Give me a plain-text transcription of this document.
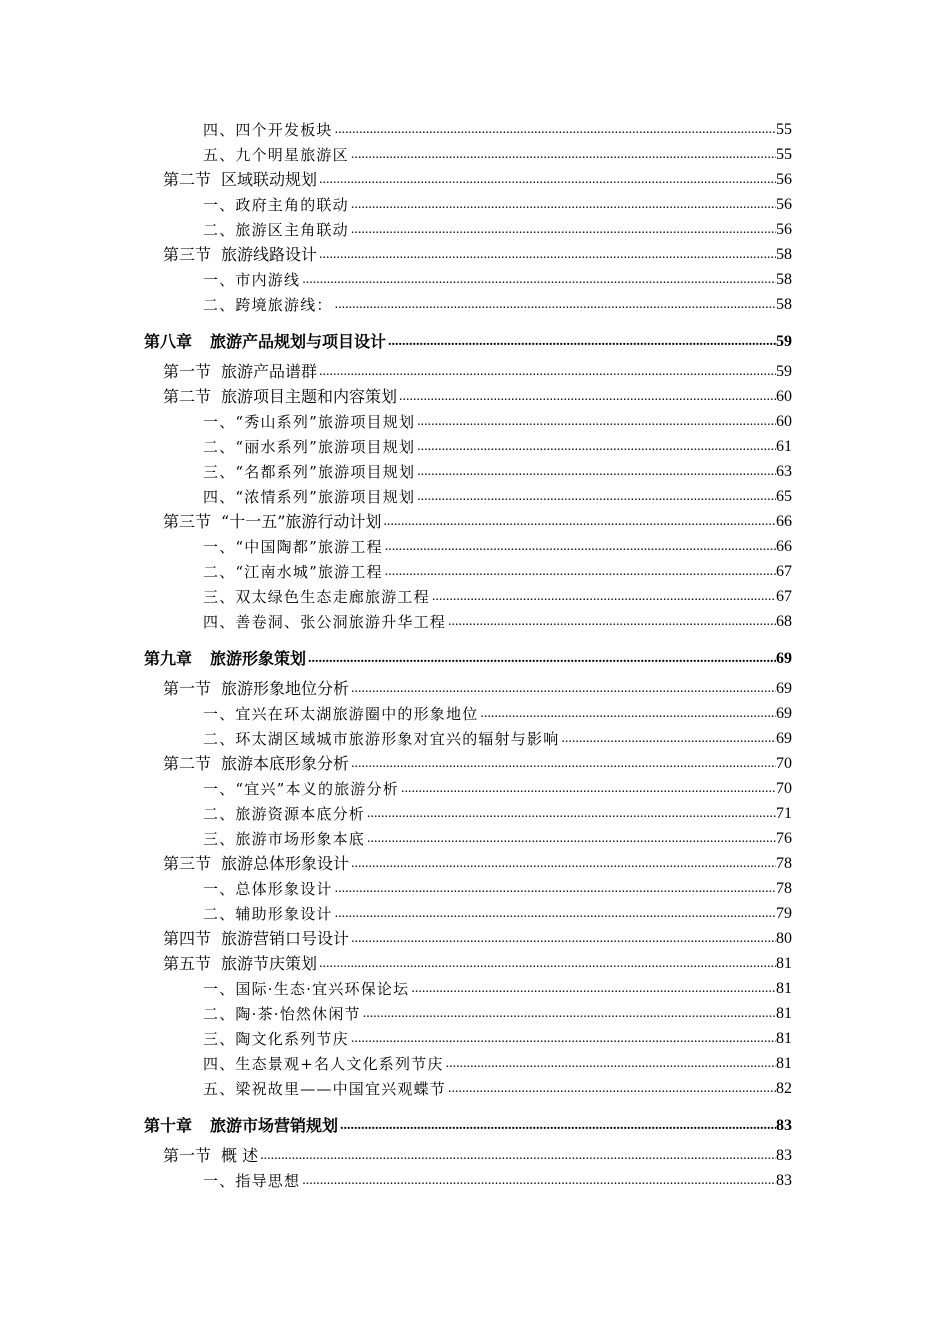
四、四个开发板块 .....	55
五、九个明星旅游区 .....	55
第二节 区域联动规划 .....	56
一、政府主角的联动 .....	56
二、旅游区主角联动 .....	56
第三节 旅游线路设计 .....	58
一、市内游线 .....	58
二、跨境旅游线： .....	58
第八章 旅游产品规划与项目设计 .....	59
第一节 旅游产品谱群 .....	59
第二节 旅游项目主题和内容策划 .....	60
一、“秀山系列”旅游项目规划 .....	60
二、“丽水系列”旅游项目规划 .....	61
三、“名都系列”旅游项目规划 .....	63
四、“浓情系列”旅游项目规划 .....	65
第三节 “十一五”旅游行动计划 .....	66
一、“中国陶都”旅游工程 .....	66
二、“江南水城”旅游工程 .....	67
三、双太绿色生态走廊旅游工程 .....	67
四、善卷洞、张公洞旅游升华工程 .....	68
第九章 旅游形象策划 .....	69
第一节 旅游形象地位分析 .....	69
一、宜兴在环太湖旅游圈中的形象地位 .....	69
二、环太湖区域城市旅游形象对宜兴的辐射与影响 .....	69
第二节 旅游本底形象分析 .....	70
一、“宜兴”本义的旅游分析 .....	70
二、旅游资源本底分析 .....	71
三、旅游市场形象本底 .....	76
第三节 旅游总体形象设计 .....	78
一、总体形象设计 .....	78
二、辅助形象设计 .....	79
第四节 旅游营销口号设计 .....	80
第五节 旅游节庆策划 .....	81
一、国际·生态·宜兴环保论坛 .....	81
二、陶·茶·怡然休闲节 .....	81
三、陶文化系列节庆 .....	81
四、生态景观+名人文化系列节庆 .....	81
五、梁祝故里——中国宜兴观蝶节 .....	82
第十章 旅游市场营销规划 .....	83
第一节 概 述 .....	83
一、指导思想 .....	83
